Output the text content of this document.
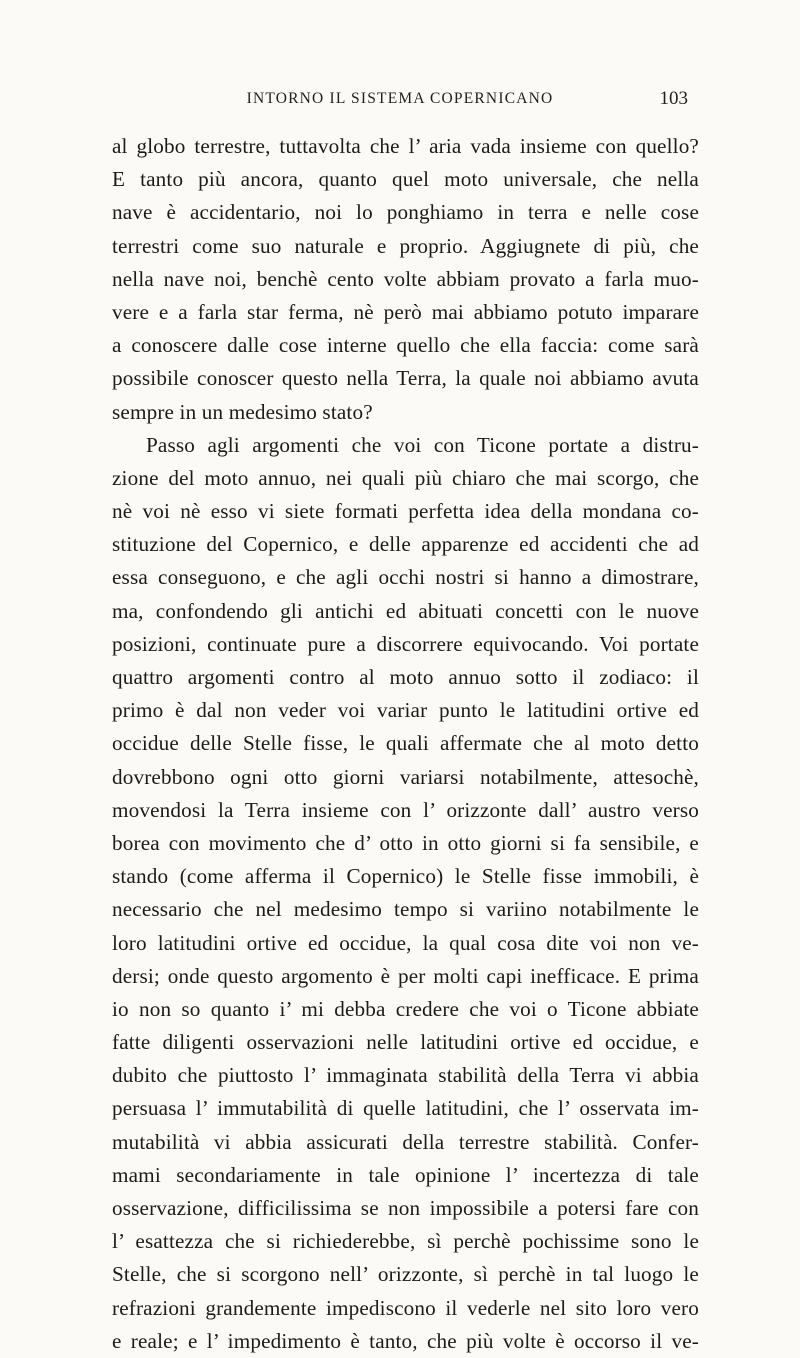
INTORNO IL SISTEMA COPERNICANO	103
al globo terrestre, tuttavolta che l’ aria vada insieme con quello?
E tanto più ancora, quanto quel moto universale, che nella
nave è accidentario, noi lo ponghiamo in terra e nelle cose
terrestri come suo naturale e proprio. Aggiugnete di più, che
nella nave noi, benchè cento volte abbiam provato a farla muo-
vere e a farla star ferma, nè però mai abbiamo potuto imparare
a conoscere dalle cose interne quello che ella faccia: come sarà
possibile conoscer questo nella Terra, la quale noi abbiamo avuta
sempre in un medesimo stato?
Passo agli argomenti che voi con Ticone portate a distru-
zione del moto annuo, nei quali più chiaro che mai scorgo, che
nè voi nè esso vi siete formati perfetta idea della mondana co-
stituzione del Copernico, e delle apparenze ed accidenti che ad
essa conseguono, e che agli occhi nostri si hanno a dimostrare,
ma, confondendo gli antichi ed abituati concetti con le nuove
posizioni, continuate pure a discorrere equivocando. Voi portate
quattro argomenti contro al moto annuo sotto il zodiaco: il
primo è dal non veder voi variar punto le latitudini ortive ed
occidue delle Stelle fisse, le quali affermate che al moto detto
dovrebbono ogni otto giorni variarsi notabilmente, attesochè,
movendosi la Terra insieme con l’ orizzonte dall’ austro verso
borea con movimento che d’ otto in otto giorni si fa sensibile, e
stando (come afferma il Copernico) le Stelle fisse immobili, è
necessario che nel medesimo tempo si variino notabilmente le
loro latitudini ortive ed occidue, la qual cosa dite voi non ve-
dersi; onde questo argomento è per molti capi inefficace. E prima
io non so quanto i’ mi debba credere che voi o Ticone abbiate
fatte diligenti osservazioni nelle latitudini ortive ed occidue, e
dubito che piuttosto l’ immaginata stabilità della Terra vi abbia
persuasa l’ immutabilità di quelle latitudini, che l’ osservata im-
mutabilità vi abbia assicurati della terrestre stabilità. Confer-
mami secondariamente in tale opinione l’ incertezza di tale
osservazione, difficilissima se non impossibile a potersi fare con
l’ esattezza che si richiederebbe, sì perchè pochissime sono le
Stelle, che si scorgono nell’ orizzonte, sì perchè in tal luogo le
refrazioni grandemente impediscono il vederle nel sito loro vero
e reale; e l’ impedimento è tanto, che più volte è occorso il ve-
